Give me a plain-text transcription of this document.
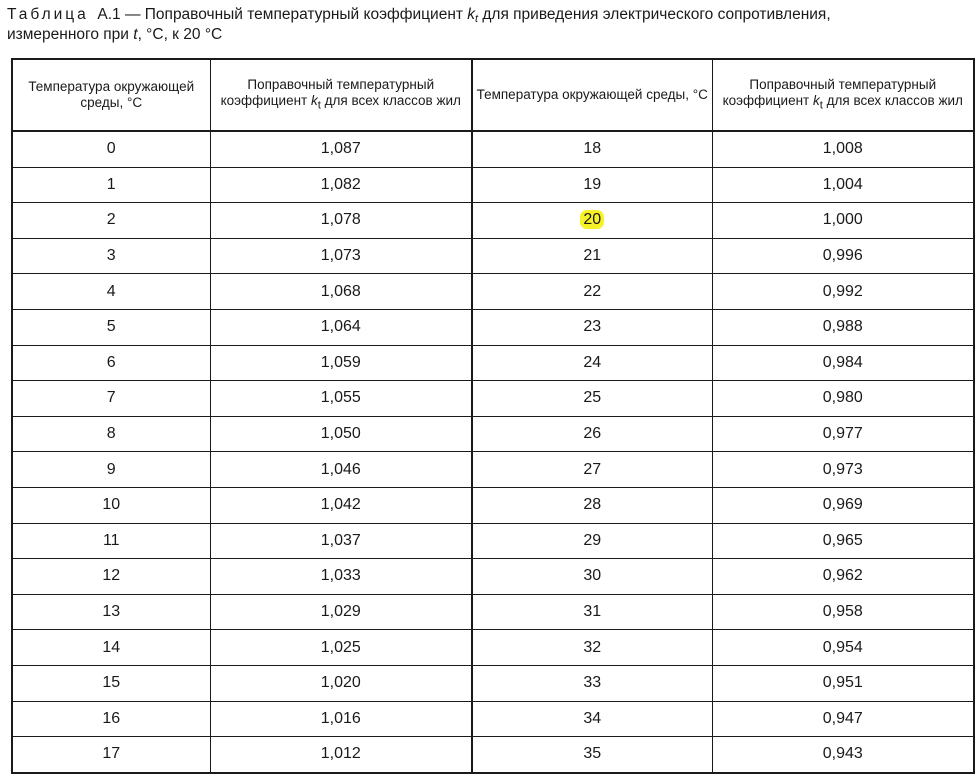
Таблица A.1 — Поправочный температурный коэффициент $k_t$ для приведения электрического сопротивления,
измеренного при t, °C, к 20 °C
Температура окружающей среды, °C	Поправочный температурный коэффициент $k_t$ для всех классов жил	Температура окружающей среды, °C	Поправочный температурный коэффициент $k_t$ для всех классов жил
0	1,087	18	1,008
1	1,082	19	1,004
2	1,078	20	1,000
3	1,073	21	0,996
4	1,068	22	0,992
5	1,064	23	0,988
6	1,059	24	0,984
7	1,055	25	0,980
8	1,050	26	0,977
9	1,046	27	0,973
10	1,042	28	0,969
11	1,037	29	0,965
12	1,033	30	0,962
13	1,029	31	0,958
14	1,025	32	0,954
15	1,020	33	0,951
16	1,016	34	0,947
17	1,012	35	0,943
